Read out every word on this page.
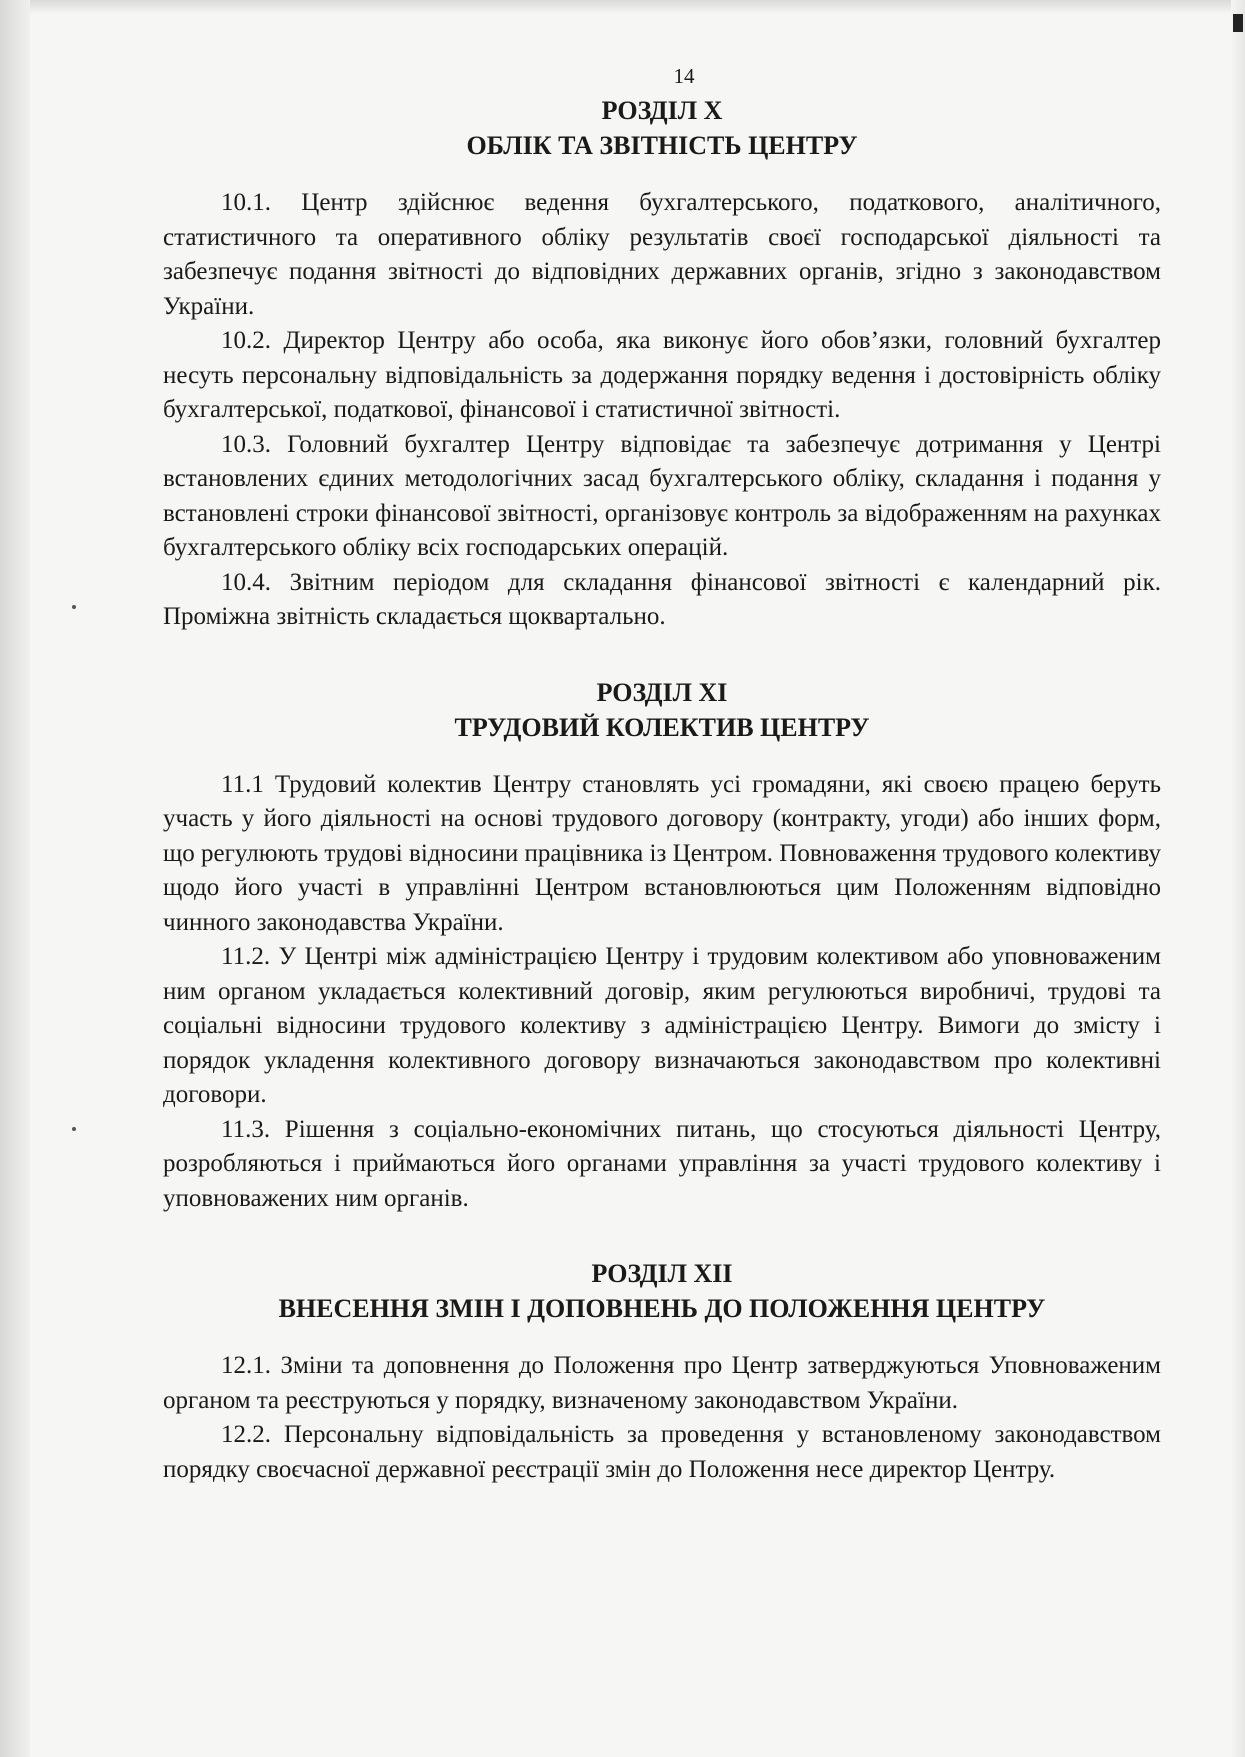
14
РОЗДІЛ Х
ОБЛІК ТА ЗВІТНІСТЬ ЦЕНТРУ

10.1. Центр здійснює ведення бухгалтерського, податкового, аналітичного, статистичного та оперативного обліку результатів своєї господарської діяльності та забезпечує подання звітності до відповідних державних органів, згідно з законодавством України.

10.2. Директор Центру або особа, яка виконує його обов’язки, головний бухгалтер несуть персональну відповідальність за додержання порядку ведення і достовірність обліку бухгалтерської, податкової, фінансової і статистичної звітності.

10.3. Головний бухгалтер Центру відповідає та забезпечує дотримання у Центрі встановлених єдиних методологічних засад бухгалтерського обліку, складання і подання у встановлені строки фінансової звітності, організовує контроль за відображенням на рахунках бухгалтерського обліку всіх господарських операцій.

10.4. Звітним періодом для складання фінансової звітності є календарний рік. Проміжна звітність складається щоквартально.

РОЗДІЛ ХІ
ТРУДОВИЙ КОЛЕКТИВ ЦЕНТРУ

11.1 Трудовий колектив Центру становлять усі громадяни, які своєю працею беруть участь у його діяльності на основі трудового договору (контракту, угоди) або інших форм, що регулюють трудові відносини працівника із Центром. Повноваження трудового колективу щодо його участі в управлінні Центром встановлюються цим Положенням відповідно чинного законодавства України.

11.2. У Центрі між адміністрацією Центру і трудовим колективом або уповноваженим ним органом укладається колективний договір, яким регулюються виробничі, трудові та соціальні відносини трудового колективу з адміністрацією Центру. Вимоги до змісту і порядок укладення колективного договору визначаються законодавством про колективні договори.

11.3. Рішення з соціально-економічних питань, що стосуються діяльності Центру, розробляються і приймаються його органами управління за участі трудового колективу і уповноважених ним органів.

РОЗДІЛ ХІІ
ВНЕСЕННЯ ЗМІН І ДОПОВНЕНЬ ДО ПОЛОЖЕННЯ ЦЕНТРУ

12.1. Зміни та доповнення до Положення про Центр затверджуються Уповноваженим органом та реєструються у порядку, визначеному законодавством України.

12.2. Персональну відповідальність за проведення у встановленому законодавством порядку своєчасної державної реєстрації змін до Положення несе директор Центру.
